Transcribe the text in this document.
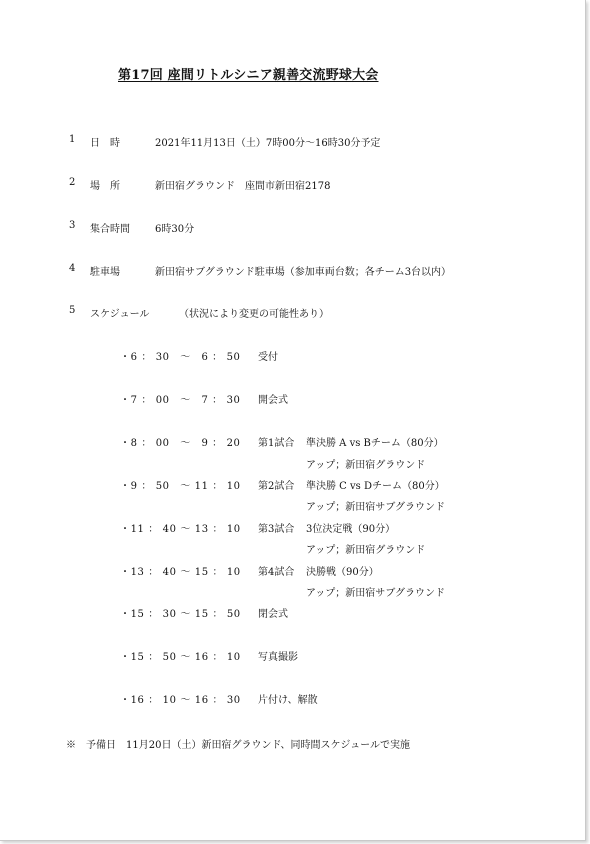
第17回 座間リトルシニア親善交流野球大会
1 日　時	2021年11月13日（土）7時00分～16時30分予定
2 場　所	新田宿グラウンド　座間市新田宿2178
3 集合時間	6時30分
4 駐車場	新田宿サブグラウンド駐車場（参加車両台数；各チーム3台以内）
5 スケジュール	（状況により変更の可能性あり）
・6 ： 30　～　6 ： 50 受付
・7 ： 00　～　7 ： 30 開会式
・8 ： 00　～　9 ： 20 第1試合 準決勝 A vs Bチーム（80分）
アップ；新田宿グラウンド
・9 ： 50　～ 11 ： 10 第2試合 準決勝 C vs Dチーム（80分）
アップ；新田宿サブグラウンド
・11 ： 40 ～ 13 ： 10 第3試合 3位決定戦（90分）
アップ；新田宿グラウンド
・13 ： 40 ～ 15 ： 10 第4試合 決勝戦（90分）
アップ；新田宿サブグラウンド
・15 ： 30 ～ 15 ： 50 閉会式
・15 ： 50 ～ 16 ： 10 写真撮影
・16 ： 10 ～ 16 ： 30 片付け、解散
※　予備日　11月20日（土）新田宿グラウンド、同時間スケジュールで実施
